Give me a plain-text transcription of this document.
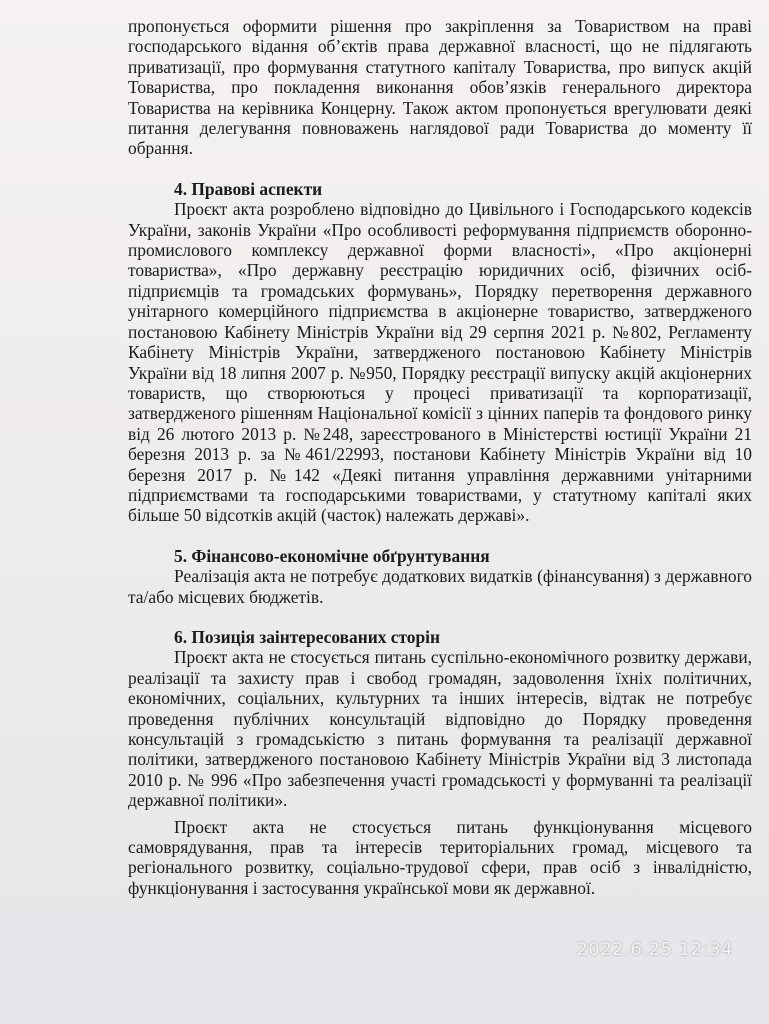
пропонується оформити рішення про закріплення за Товариством на праві господарського відання об’єктів права державної власності, що не підлягають приватизації, про формування статутного капіталу Товариства, про випуск акцій Товариства, про покладення виконання обов’язків генерального директора Товариства на керівника Концерну. Також актом пропонується врегулювати деякі питання делегування повноважень наглядової ради Товариства до моменту її обрання.

4. Правові аспекти

Проєкт акта розроблено відповідно до Цивільного і Господарського кодексів України, законів України «Про особливості реформування підприємств оборонно-промислового комплексу державної форми власності», «Про акціонерні товариства», «Про державну реєстрацію юридичних осіб, фізичних осіб-підприємців та громадських формувань», Порядку перетворення державного унітарного комерційного підприємства в акціонерне товариство, затвердженого постановою Кабінету Міністрів України від 29 серпня 2021 р. №802, Регламенту Кабінету Міністрів України, затвердженого постановою Кабінету Міністрів України від 18 липня 2007 р. №950, Порядку реєстрації випуску акцій акціонерних товариств, що створюються у процесі приватизації та корпоратизації, затвердженого рішенням Національної комісії з цінних паперів та фондового ринку від 26 лютого 2013 р. №248, зареєстрованого в Міністерстві юстиції України 21 березня 2013 р. за №461/22993, постанови Кабінету Міністрів України від 10 березня 2017 р. №142 «Деякі питання управління державними унітарними підприємствами та господарськими товариствами, у статутному капіталі яких більше 50 відсотків акцій (часток) належать державі».

5. Фінансово-економічне обґрунтування

Реалізація акта не потребує додаткових видатків (фінансування) з державного та/або місцевих бюджетів.

6. Позиція заінтересованих сторін

Проєкт акта не стосується питань суспільно-економічного розвитку держави, реалізації та захисту прав і свобод громадян, задоволення їхніх політичних, економічних, соціальних, культурних та інших інтересів, відтак не потребує проведення публічних консультацій відповідно до Порядку проведення консультацій з громадськістю з питань формування та реалізації державної політики, затвердженого постановою Кабінету Міністрів України від 3 листопада 2010 р. № 996 «Про забезпечення участі громадськості у формуванні та реалізації державної політики».

Проєкт акта не стосується питань функціонування місцевого самоврядування, прав та інтересів територіальних громад, місцевого та регіонального розвитку, соціально-трудової сфери, прав осіб з інвалідністю, функціонування і застосування української мови як державної.

2022.6.25 12:34
